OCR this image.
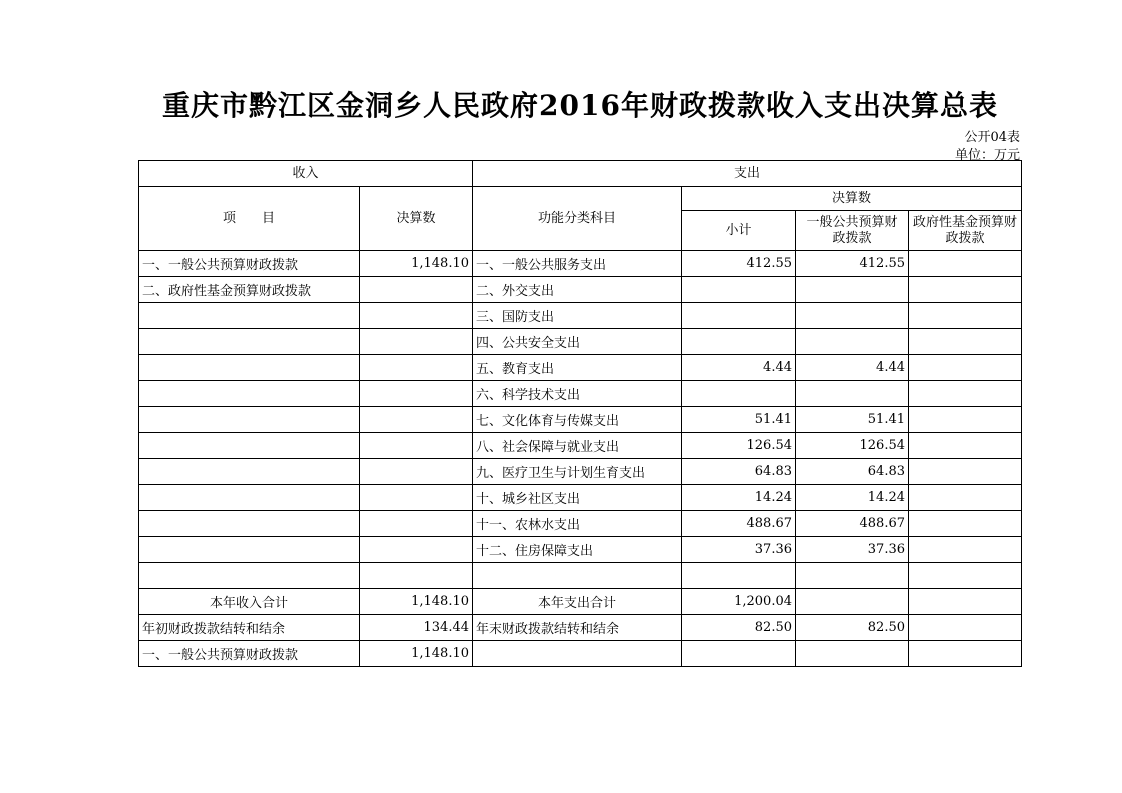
重庆市黔江区金洞乡人民政府2016年财政拨款收入支出决算总表
公开04表
单位：万元
收入		支出			
项　　目	决算数	功能分类科目	决算数		
			小计	一般公共预算财政拨款	政府性基金预算财政拨款
一、一般公共预算财政拨款	1,148.10	一、一般公共服务支出	412.55	412.55	
二、政府性基金预算财政拨款		二、外交支出			
		三、国防支出			
		四、公共安全支出			
		五、教育支出	4.44	4.44	
		六、科学技术支出			
		七、文化体育与传媒支出	51.41	51.41	
		八、社会保障与就业支出	126.54	126.54	
		九、医疗卫生与计划生育支出	64.83	64.83	
		十、城乡社区支出	14.24	14.24	
		十一、农林水支出	488.67	488.67	
		十二、住房保障支出	37.36	37.36	

本年收入合计	1,148.10	本年支出合计	1,200.04		
年初财政拨款结转和结余	134.44	年末财政拨款结转和结余	82.50	82.50	
一、一般公共预算财政拨款	1,148.10				
